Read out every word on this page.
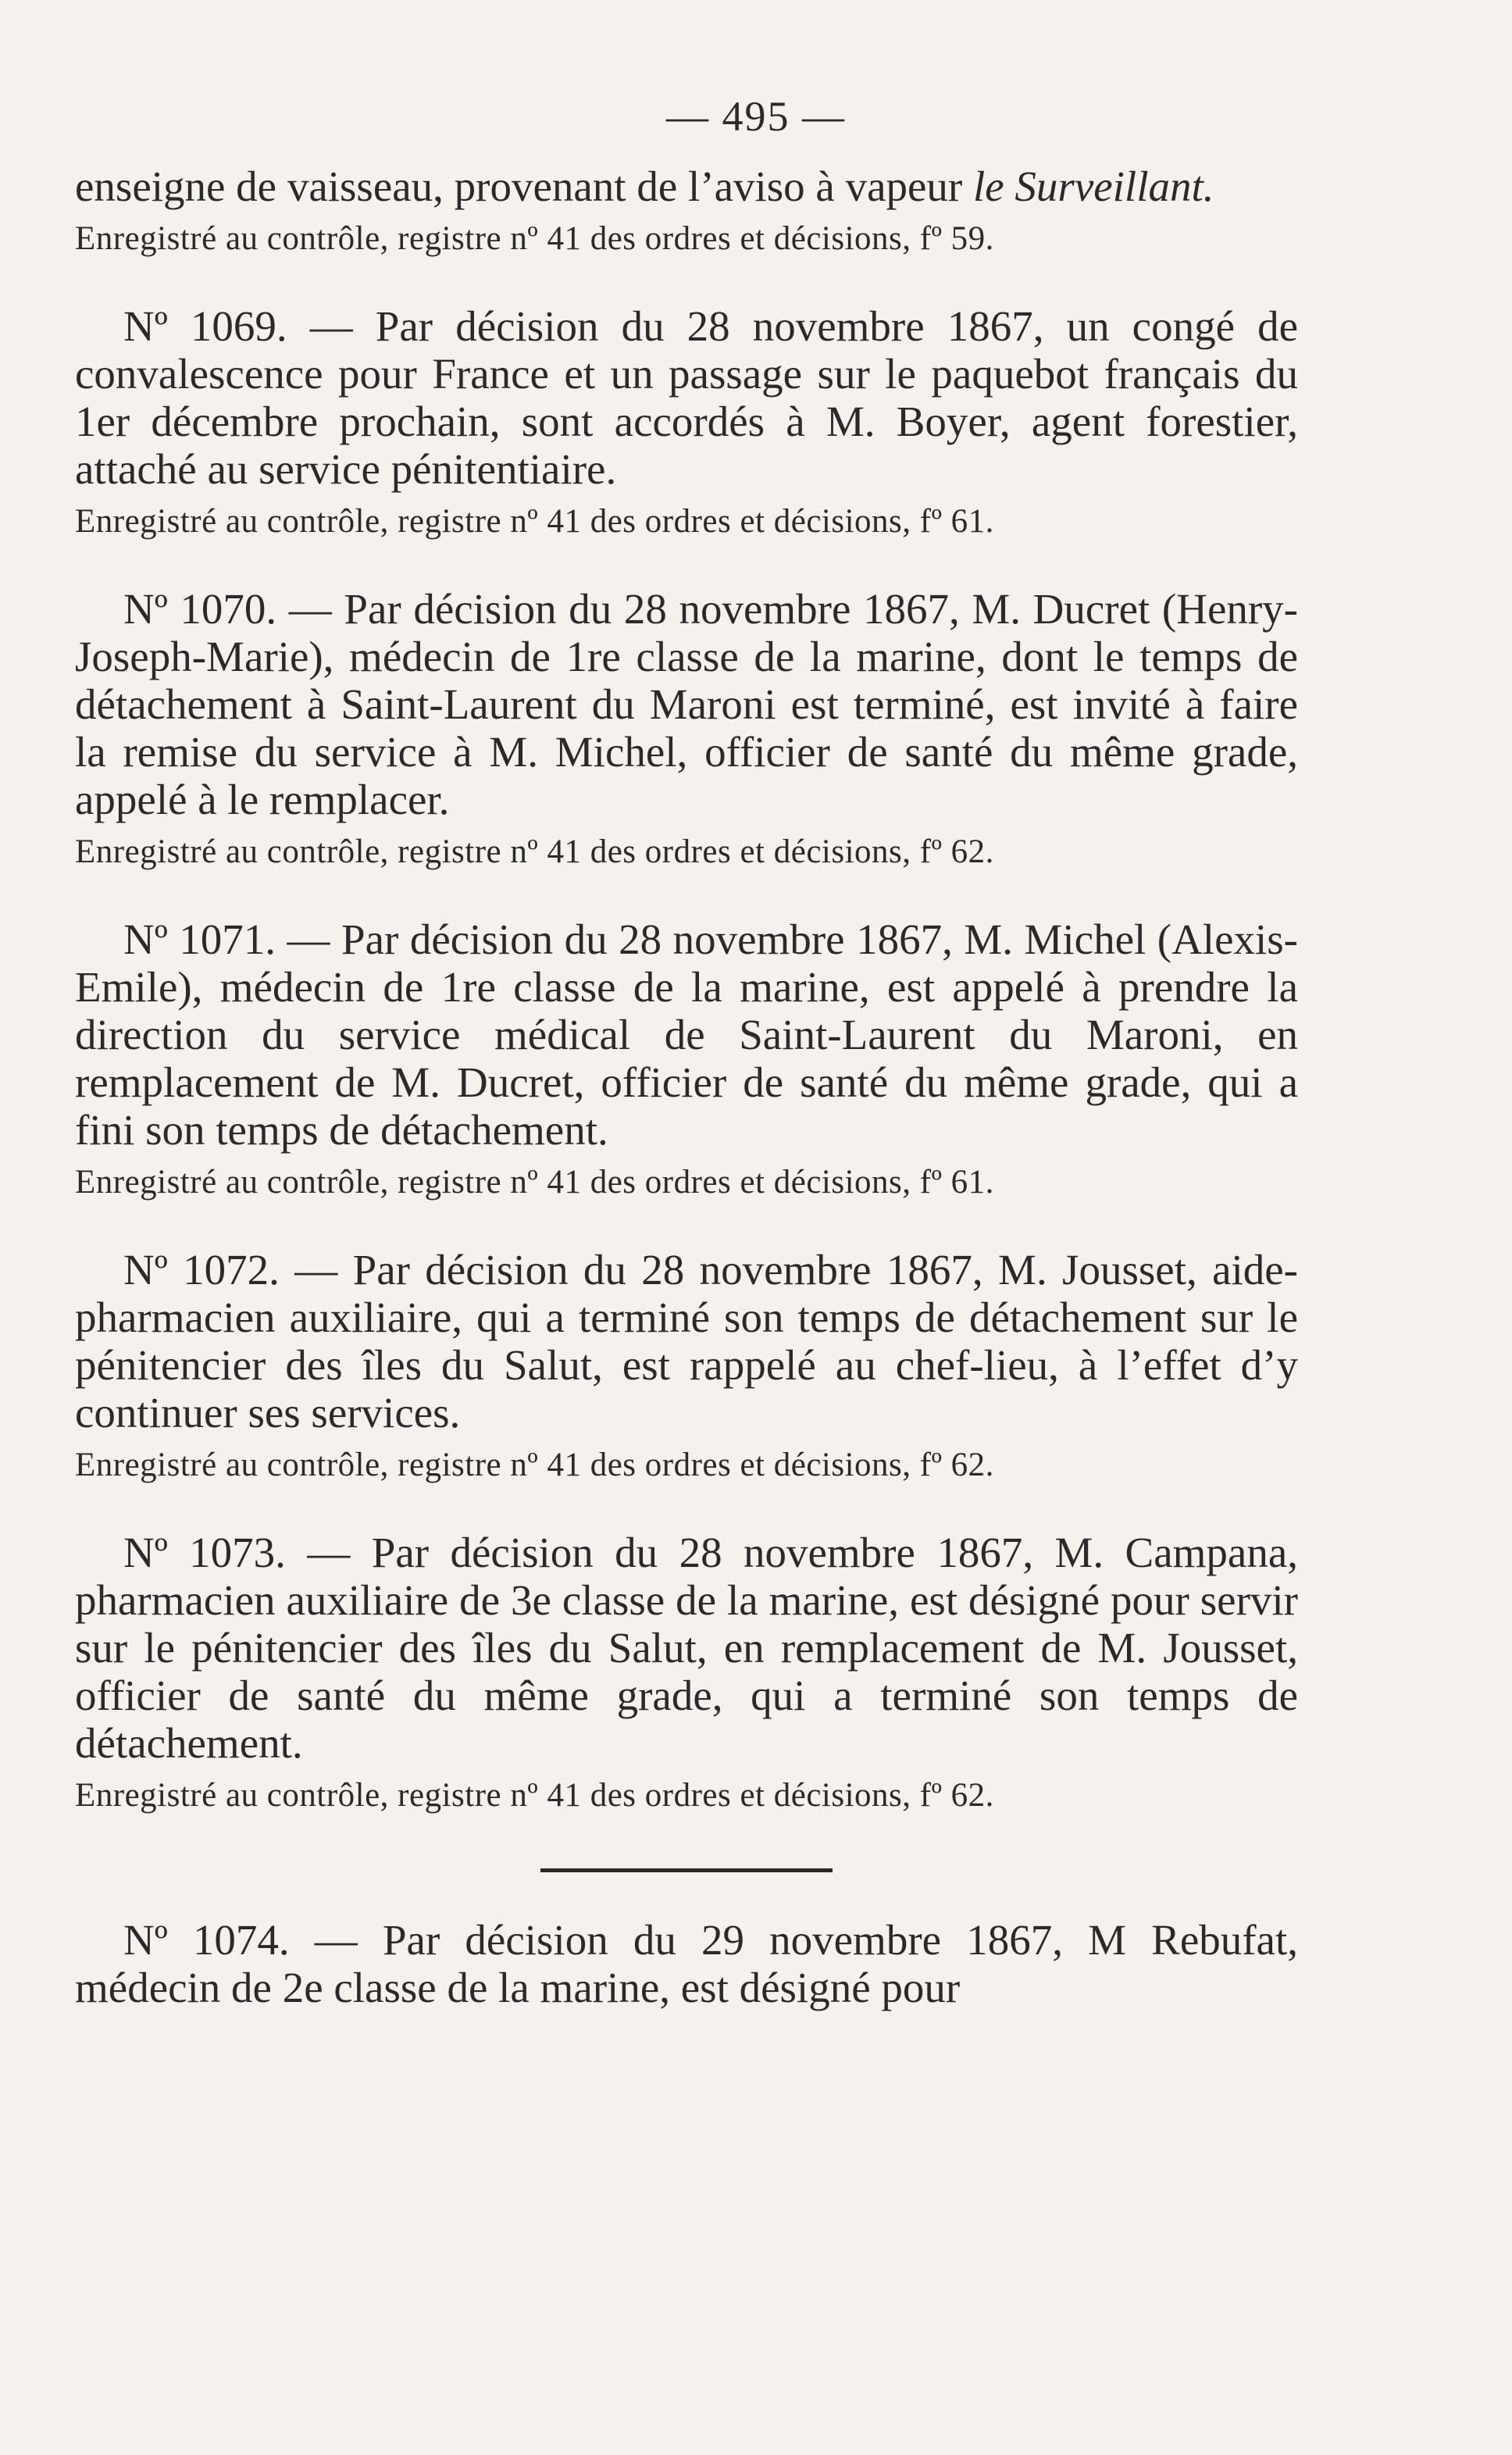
— 495 —

enseigne de vaisseau, provenant de l’aviso à vapeur le Surveillant.

Enregistré au contrôle, registre nº 41 des ordres et décisions, fº 59.

Nº 1069. — Par décision du 28 novembre 1867, un congé de convalescence pour France et un passage sur le paquebot français du 1er décembre prochain, sont accordés à M. Boyer, agent forestier, attaché au service pénitentiaire.

Enregistré au contrôle, registre nº 41 des ordres et décisions, fº 61.

Nº 1070. — Par décision du 28 novembre 1867, M. Ducret (Henry-Joseph-Marie), médecin de 1re classe de la marine, dont le temps de détachement à Saint-Laurent du Maroni est terminé, est invité à faire la remise du service à M. Michel, officier de santé du même grade, appelé à le remplacer.

Enregistré au contrôle, registre nº 41 des ordres et décisions, fº 62.

Nº 1071. — Par décision du 28 novembre 1867, M. Michel (Alexis-Emile), médecin de 1re classe de la marine, est appelé à prendre la direction du service médical de Saint-Laurent du Maroni, en remplacement de M. Ducret, officier de santé du même grade, qui a fini son temps de détachement.

Enregistré au contrôle, registre nº 41 des ordres et décisions, fº 61.

Nº 1072. — Par décision du 28 novembre 1867, M. Jousset, aide-pharmacien auxiliaire, qui a terminé son temps de détachement sur le pénitencier des îles du Salut, est rappelé au chef-lieu, à l’effet d’y continuer ses services.

Enregistré au contrôle, registre nº 41 des ordres et décisions, fº 62.

Nº 1073. — Par décision du 28 novembre 1867, M. Campana, pharmacien auxiliaire de 3e classe de la marine, est désigné pour servir sur le pénitencier des îles du Salut, en remplacement de M. Jousset, officier de santé du même grade, qui a terminé son temps de détachement.

Enregistré au contrôle, registre nº 41 des ordres et décisions, fº 62.

Nº 1074. — Par décision du 29 novembre 1867, M Rebufat, médecin de 2e classe de la marine, est désigné pour
